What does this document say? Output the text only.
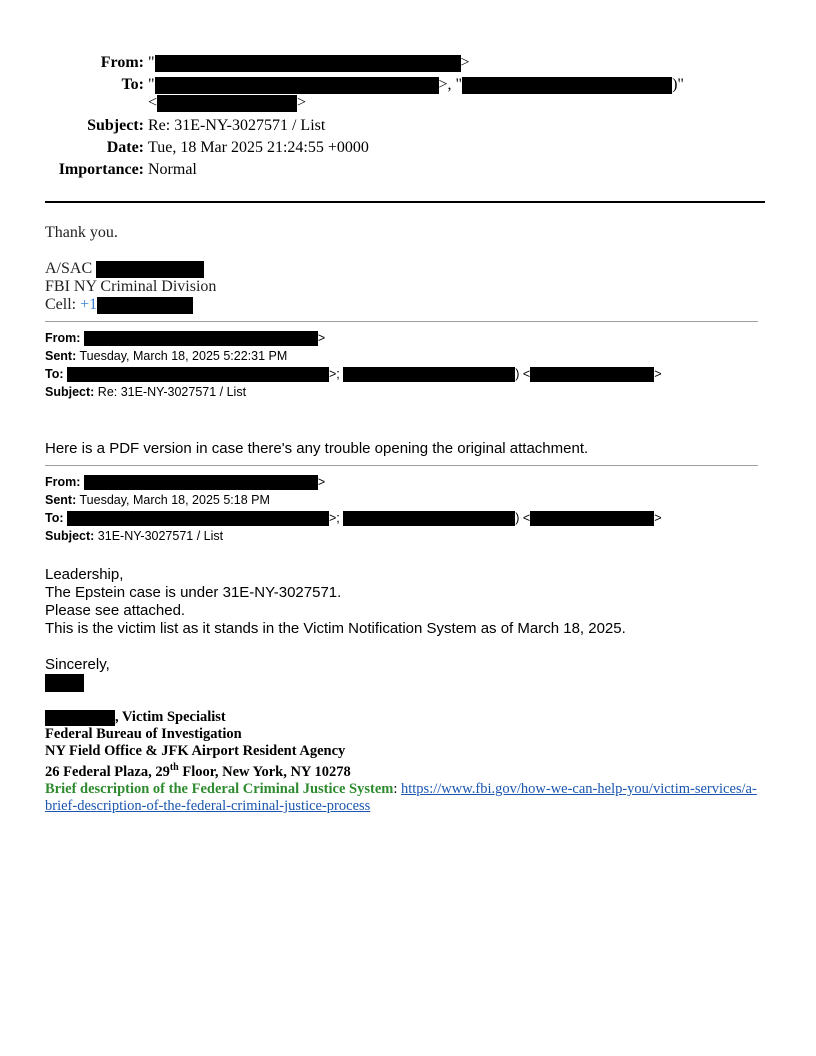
From: "	>
To: "	>, "	)"
<	>
Subject: Re: 31E-NY-3027571 / List
Date: Tue, 18 Mar 2025 21:24:55 +0000
Importance: Normal
Thank you.
A/SAC
FBI NY Criminal Division
Cell: +1
From:	>
Sent: Tuesday, March 18, 2025 5:22:31 PM
To:	>;	) <	>
Subject: Re: 31E-NY-3027571 / List
Here is a PDF version in case there's any trouble opening the original attachment.
From:	>
Sent: Tuesday, March 18, 2025 5:18 PM
To:	>;	) <	>
Subject: 31E-NY-3027571 / List
Leadership,
The Epstein case is under 31E-NY-3027571.
Please see attached.
This is the victim list as it stands in the Victim Notification System as of March 18, 2025.
Sincerely,
, Victim Specialist
Federal Bureau of Investigation
NY Field Office & JFK Airport Resident Agency
26 Federal Plaza, 29th Floor, New York, NY 10278
Brief description of the Federal Criminal Justice System: https://www.fbi.gov/how-we-can-help-you/victim-services/a-
brief-description-of-the-federal-criminal-justice-process
